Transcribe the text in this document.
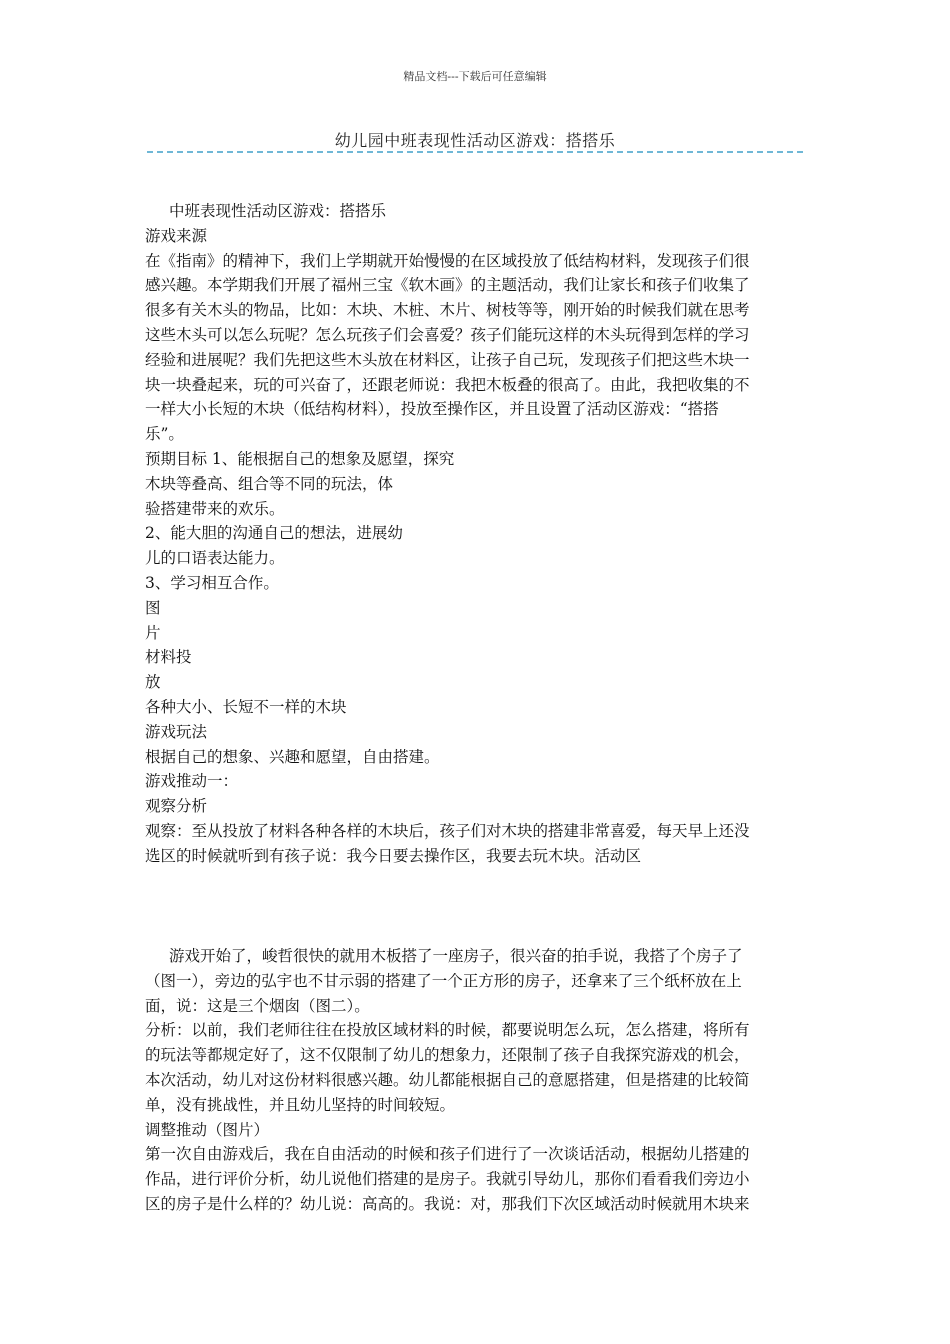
精品文档---下载后可任意编辑
幼儿园中班表现性活动区游戏：搭搭乐

中班表现性活动区游戏：搭搭乐

游戏来源

在《指南》的精神下，我们上学期就开始慢慢的在区域投放了低结构材料，发现孩子们很

感兴趣。本学期我们开展了福州三宝《软木画》的主题活动，我们让家长和孩子们收集了

很多有关木头的物品，比如：木块、木桩、木片、树枝等等，刚开始的时候我们就在思考

这些木头可以怎么玩呢？怎么玩孩子们会喜爱？孩子们能玩这样的木头玩得到怎样的学习

经验和进展呢？我们先把这些木头放在材料区，让孩子自己玩，发现孩子们把这些木块一

块一块叠起来，玩的可兴奋了，还跟老师说：我把木板叠的很高了。由此，我把收集的不

一样大小长短的木块（低结构材料），投放至操作区，并且设置了活动区游戏：“搭搭

乐”。

预期目标 1、能根据自己的想象及愿望，探究

木块等叠高、组合等不同的玩法，体

验搭建带来的欢乐。

2、能大胆的沟通自己的想法，进展幼

儿的口语表达能力。

3、学习相互合作。

图

片

材料投

放

各种大小、长短不一样的木块

游戏玩法

根据自己的想象、兴趣和愿望，自由搭建。

游戏推动一：

观察分析

观察：至从投放了材料各种各样的木块后，孩子们对木块的搭建非常喜爱，每天早上还没

选区的时候就听到有孩子说：我今日要去操作区，我要去玩木块。活动区

游戏开始了，峻哲很快的就用木板搭了一座房子，很兴奋的拍手说，我搭了个房子了

（图一），旁边的弘宇也不甘示弱的搭建了一个正方形的房子，还拿来了三个纸杯放在上

面，说：这是三个烟囱（图二）。

分析：以前，我们老师往往在投放区域材料的时候，都要说明怎么玩，怎么搭建，将所有

的玩法等都规定好了，这不仅限制了幼儿的想象力，还限制了孩子自我探究游戏的机会，

本次活动，幼儿对这份材料很感兴趣。幼儿都能根据自己的意愿搭建，但是搭建的比较简

单，没有挑战性，并且幼儿坚持的时间较短。

调整推动（图片）

第一次自由游戏后，我在自由活动的时候和孩子们进行了一次谈话活动，根据幼儿搭建的

作品，进行评价分析，幼儿说他们搭建的是房子。我就引导幼儿，那你们看看我们旁边小

区的房子是什么样的？幼儿说：高高的。我说：对，那我们下次区域活动时候就用木块来
